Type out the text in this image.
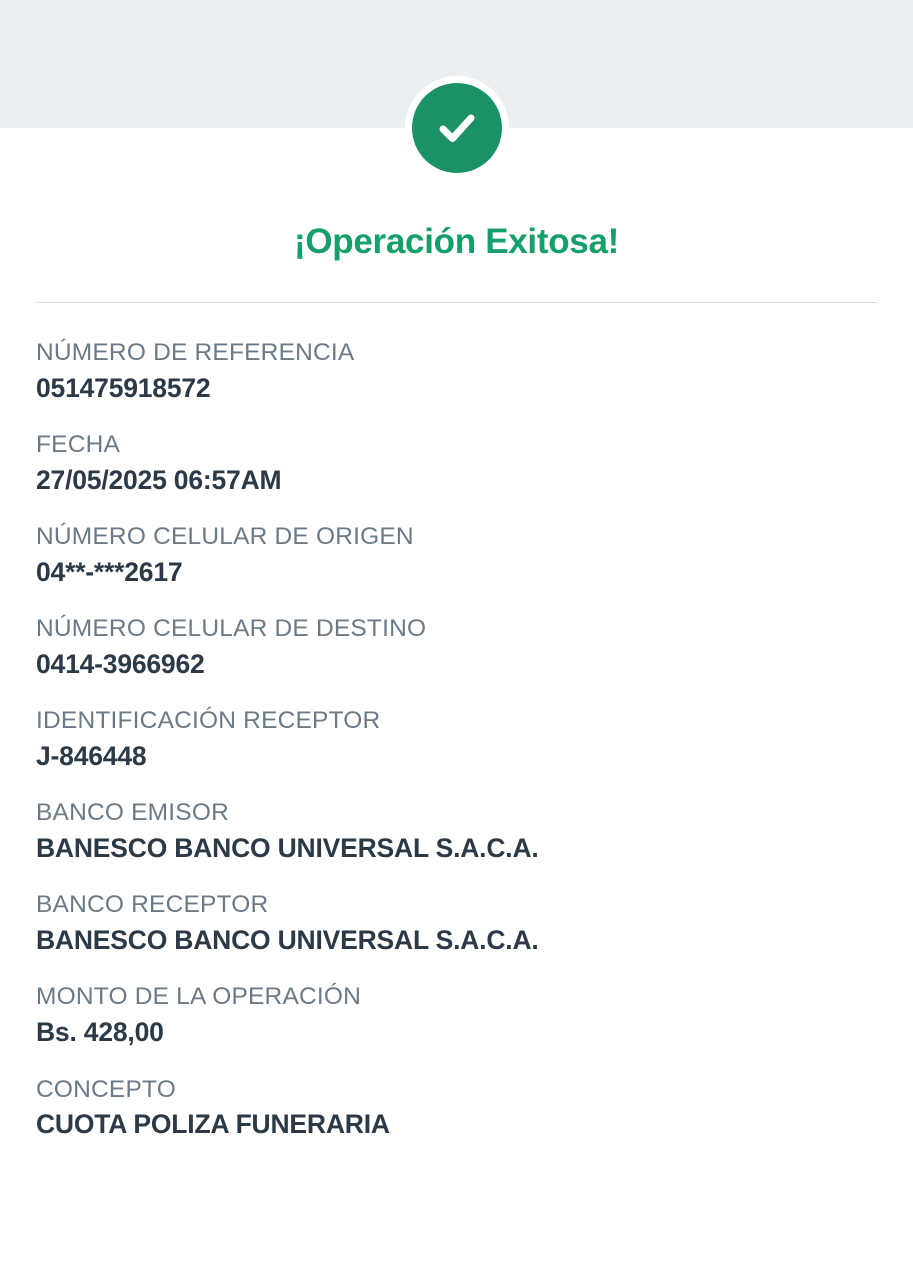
¡Operación Exitosa!
NÚMERO DE REFERENCIA
051475918572
FECHA
27/05/2025 06:57AM
NÚMERO CELULAR DE ORIGEN
04**-***2617
NÚMERO CELULAR DE DESTINO
0414-3966962
IDENTIFICACIÓN RECEPTOR
J-846448
BANCO EMISOR
BANESCO BANCO UNIVERSAL S.A.C.A.
BANCO RECEPTOR
BANESCO BANCO UNIVERSAL S.A.C.A.
MONTO DE LA OPERACIÓN
Bs. 428,00
CONCEPTO
CUOTA POLIZA FUNERARIA
